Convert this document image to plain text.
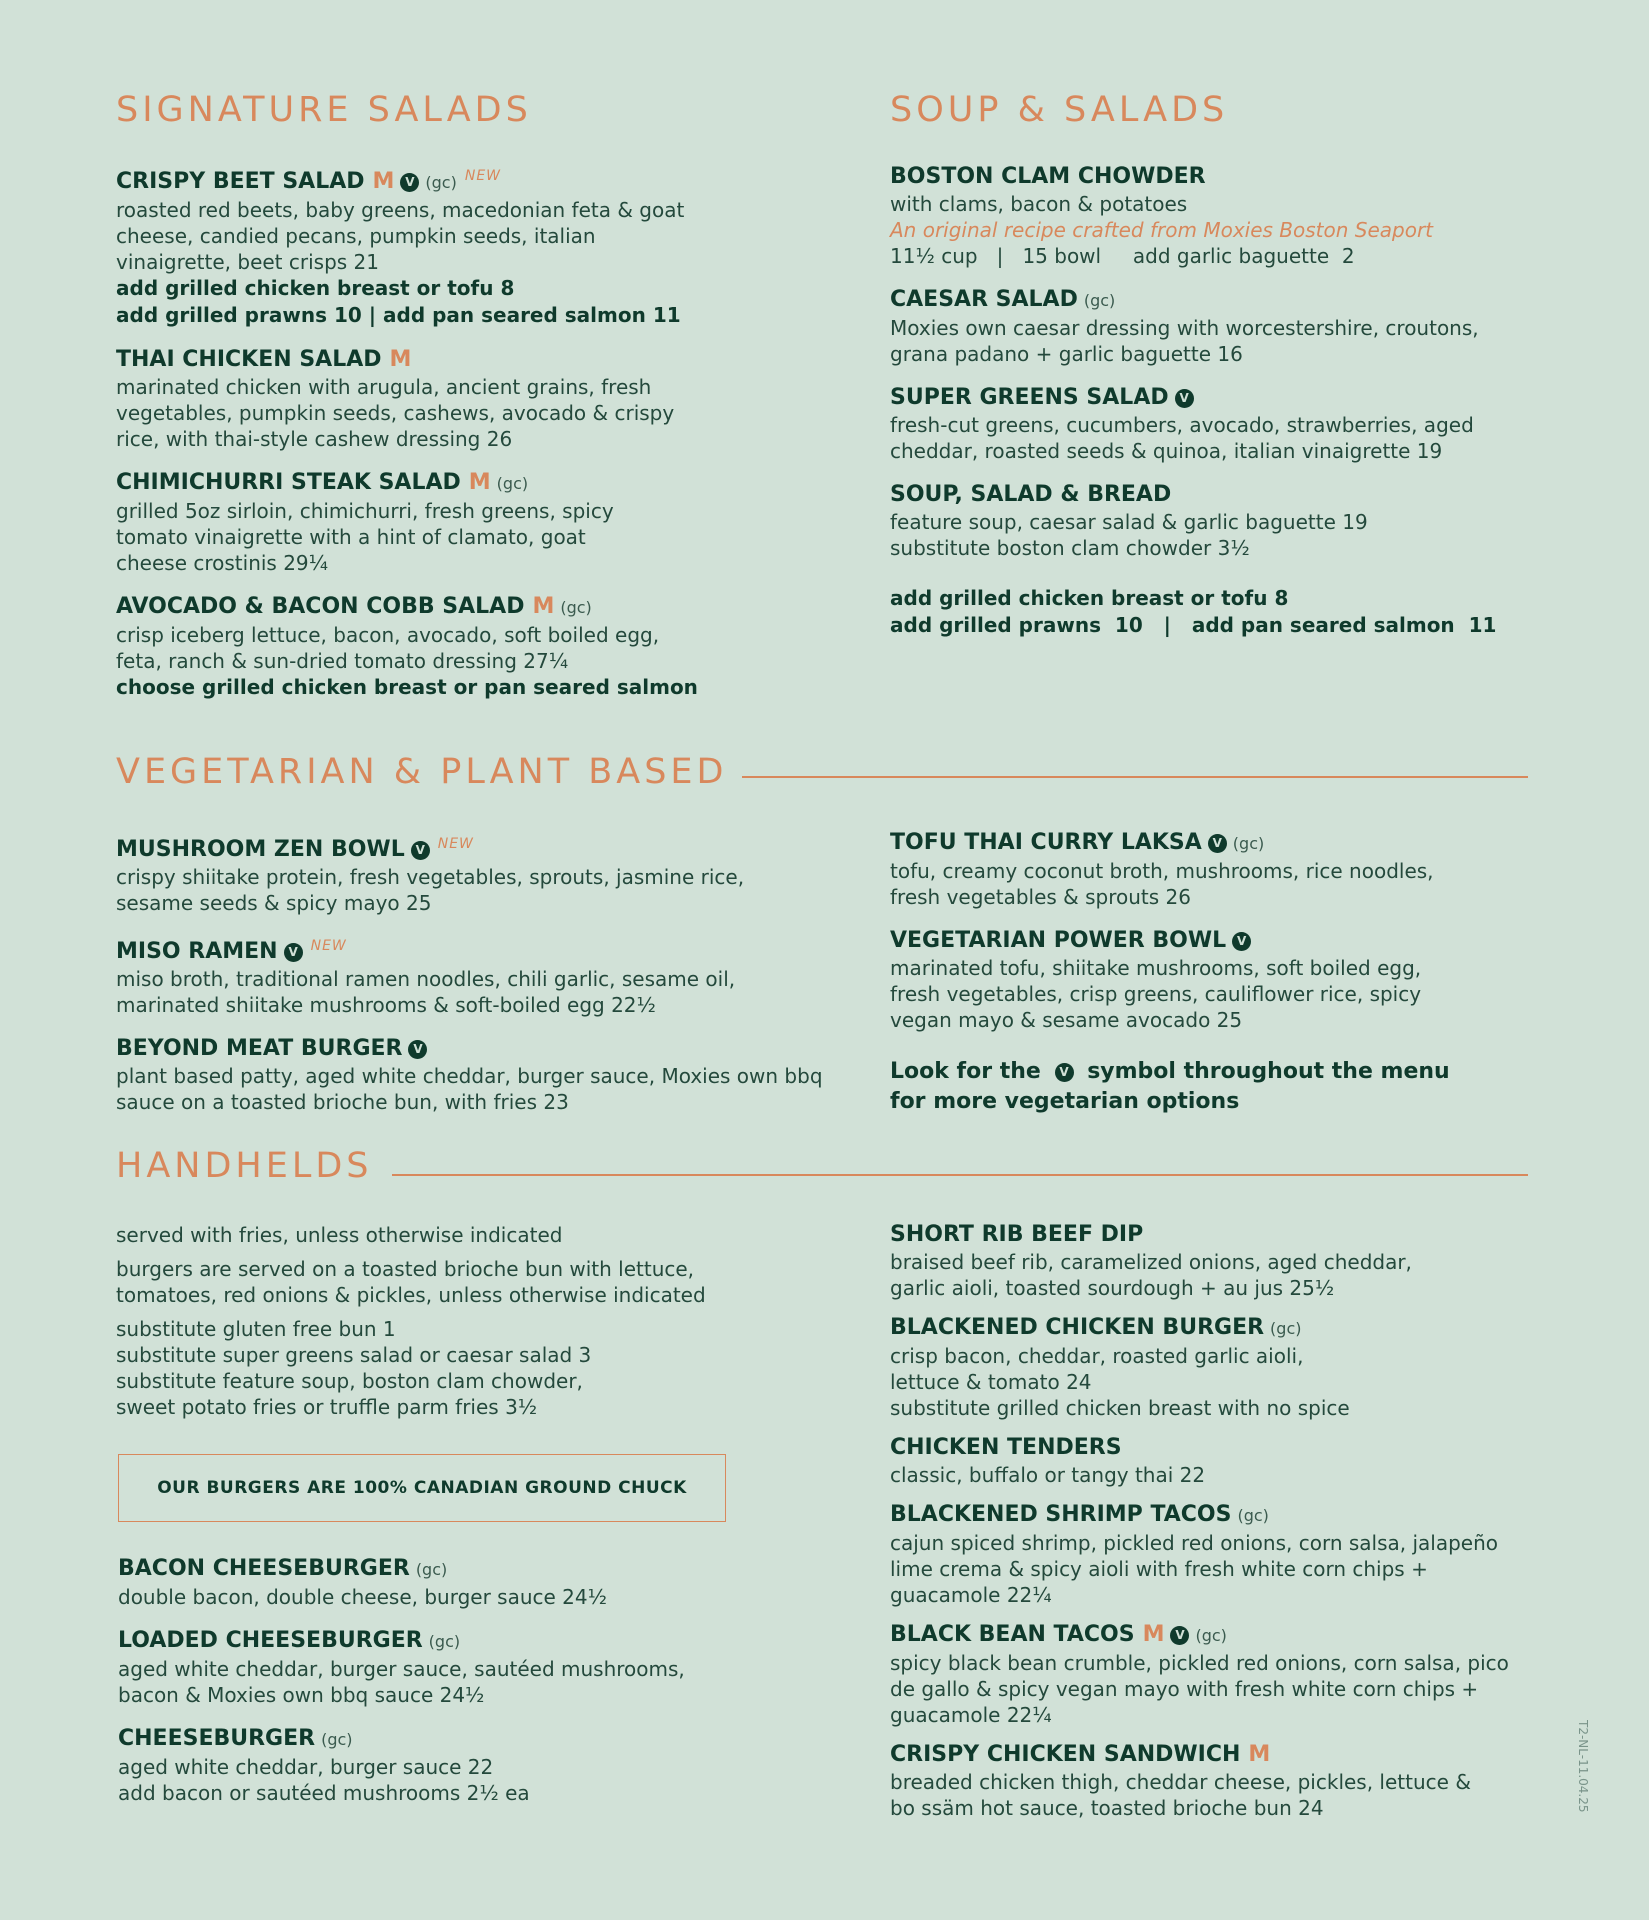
SIGNATURE SALADS
CRISPY BEET SALAD M V (gc) $^{NEW}$
roasted red beets, baby greens, macedonian feta & goat cheese, candied pecans, pumpkin seeds, italian vinaigrette, beet crisps 21
add grilled chicken breast or tofu 8
add grilled prawns 10 | add pan seared salmon 11
THAI CHICKEN SALAD M
marinated chicken with arugula, ancient grains, fresh vegetables, pumpkin seeds, cashews, avocado & crispy rice, with thai-style cashew dressing 26
CHIMICHURRI STEAK SALAD M (gc)
grilled 5oz sirloin, chimichurri, fresh greens, spicy tomato vinaigrette with a hint of clamato, goat cheese crostinis 29¼
AVOCADO & BACON COBB SALAD M (gc)
crisp iceberg lettuce, bacon, avocado, soft boiled egg, feta, ranch & sun-dried tomato dressing 27¼
choose grilled chicken breast or pan seared salmon
SOUP & SALADS
BOSTON CLAM CHOWDER
with clams, bacon & potatoes
An original recipe crafted from Moxies Boston Seaport
11½ cup   |   15 bowl     add garlic baguette  2
CAESAR SALAD (gc)
Moxies own caesar dressing with worcestershire, croutons, grana padano + garlic baguette 16
SUPER GREENS SALAD V
fresh-cut greens, cucumbers, avocado, strawberries, aged cheddar, roasted seeds & quinoa, italian vinaigrette 19
SOUP, SALAD & BREAD
feature soup, caesar salad & garlic baguette 19
substitute boston clam chowder 3½
add grilled chicken breast or tofu 8
add grilled prawns  10   |   add pan seared salmon  11
VEGETARIAN & PLANT BASED
MUSHROOM ZEN BOWL V $^{NEW}$
crispy shiitake protein, fresh vegetables, sprouts, jasmine rice, sesame seeds & spicy mayo 25
MISO RAMEN V $^{NEW}$
miso broth, traditional ramen noodles, chili garlic, sesame oil, marinated shiitake mushrooms & soft-boiled egg 22½
BEYOND MEAT BURGER V
plant based patty, aged white cheddar, burger sauce, Moxies own bbq sauce on a toasted brioche bun, with fries 23
TOFU THAI CURRY LAKSA V (gc)
tofu, creamy coconut broth, mushrooms, rice noodles, fresh vegetables & sprouts 26
VEGETARIAN POWER BOWL V
marinated tofu, shiitake mushrooms, soft boiled egg, fresh vegetables, crisp greens, cauliflower rice, spicy vegan mayo & sesame avocado 25
Look for the V symbol throughout the menu for more vegetarian options
HANDHELDS
served with fries, unless otherwise indicated
burgers are served on a toasted brioche bun with lettuce, tomatoes, red onions & pickles, unless otherwise indicated
substitute gluten free bun 1
substitute super greens salad or caesar salad 3
substitute feature soup, boston clam chowder, sweet potato fries or truffle parm fries 3½
OUR BURGERS ARE 100% CANADIAN GROUND CHUCK
BACON CHEESEBURGER (gc)
double bacon, double cheese, burger sauce 24½
LOADED CHEESEBURGER (gc)
aged white cheddar, burger sauce, sautéed mushrooms, bacon & Moxies own bbq sauce 24½
CHEESEBURGER (gc)
aged white cheddar, burger sauce 22
add bacon or sautéed mushrooms 2½ ea
SHORT RIB BEEF DIP
braised beef rib, caramelized onions, aged cheddar, garlic aioli, toasted sourdough + au jus 25½
BLACKENED CHICKEN BURGER (gc)
crisp bacon, cheddar, roasted garlic aioli, lettuce & tomato 24
substitute grilled chicken breast with no spice
CHICKEN TENDERS
classic, buffalo or tangy thai 22
BLACKENED SHRIMP TACOS (gc)
cajun spiced shrimp, pickled red onions, corn salsa, jalapeño lime crema & spicy aioli with fresh white corn chips + guacamole 22¼
BLACK BEAN TACOS M V (gc)
spicy black bean crumble, pickled red onions, corn salsa, pico de gallo & spicy vegan mayo with fresh white corn chips + guacamole 22¼
CRISPY CHICKEN SANDWICH M
breaded chicken thigh, cheddar cheese, pickles, lettuce & bo ssäm hot sauce, toasted brioche bun 24	T2-NL-11.04.25
